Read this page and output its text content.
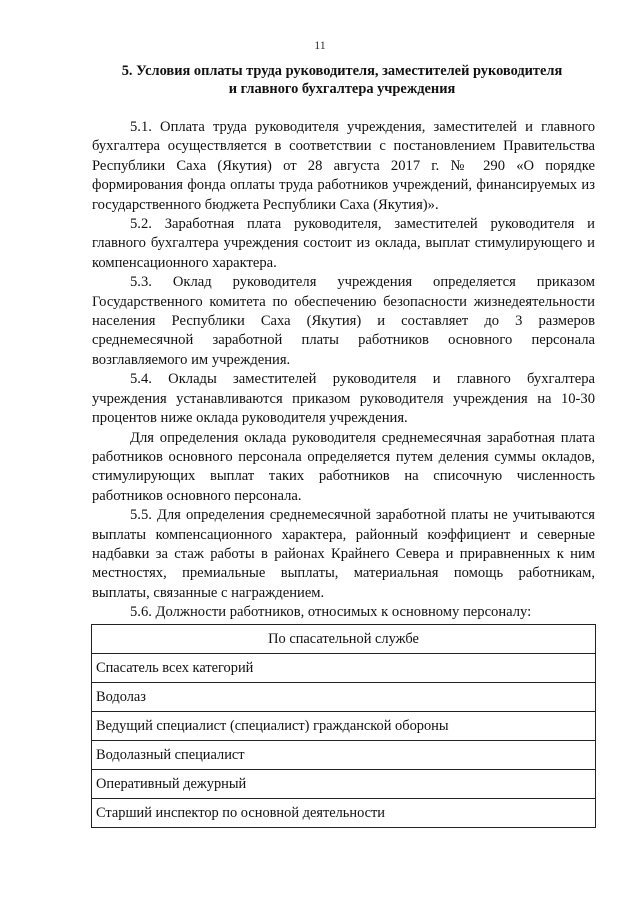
11
5. Условия оплаты труда руководителя, заместителей руководителя
и главного бухгалтера учреждения

5.1. Оплата труда руководителя учреждения, заместителей и главного бухгалтера осуществляется в соответствии с постановлением Правительства Республики Саха (Якутия) от 28 августа 2017 г. № 290 «О порядке формирования фонда оплаты труда работников учреждений, финансируемых из государственного бюджета Республики Саха (Якутия)».

5.2. Заработная плата руководителя, заместителей руководителя и главного бухгалтера учреждения состоит из оклада, выплат стимулирующего и компенсационного характера.

5.3. Оклад руководителя учреждения определяется приказом Государственного комитета по обеспечению безопасности жизнедеятельности населения Республики Саха (Якутия) и составляет до 3 размеров среднемесячной заработной платы работников основного персонала возглавляемого им учреждения.

5.4. Оклады заместителей руководителя и главного бухгалтера учреждения устанавливаются приказом руководителя учреждения на 10-30 процентов ниже оклада руководителя учреждения.

Для определения оклада руководителя среднемесячная заработная плата работников основного персонала определяется путем деления суммы окладов, стимулирующих выплат таких работников на списочную численность работников основного персонала.

5.5. Для определения среднемесячной заработной платы не учитываются выплаты компенсационного характера, районный коэффициент и северные надбавки за стаж работы в районах Крайнего Севера и приравненных к ним местностях, премиальные выплаты, материальная помощь работникам, выплаты, связанные с награждением.

5.6. Должности работников, относимых к основному персоналу:

По спасательной службе
Спасатель всех категорий
Водолаз
Ведущий специалист (специалист) гражданской обороны
Водолазный специалист
Оперативный дежурный
Старший инспектор по основной деятельности
